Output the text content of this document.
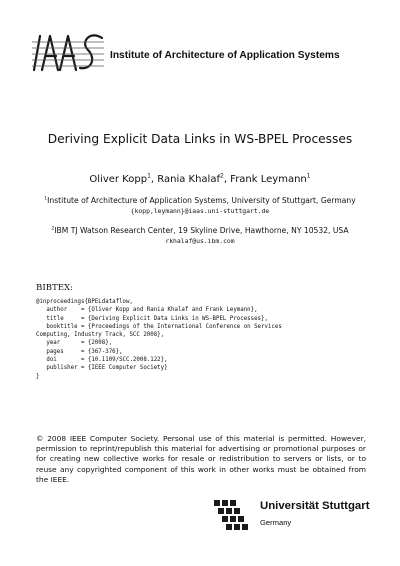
Institute of Architecture of Application Systems
Deriving Explicit Data Links in WS-BPEL Processes
Oliver Kopp$^1$, Rania Khalaf$^2$, Frank Leymann$^1$
$^1$Institute of Architecture of Application Systems, University of Stuttgart, Germany
{kopp,leymann}@iaas.uni-stuttgart.de
$^2$IBM TJ Watson Research Center, 19 Skyline Drive, Hawthorne, NY 10532, USA
rkhalaf@us.ibm.com
BIBTEX:
@inproceedings{BPELdataflow,
author    = {Oliver Kopp and Rania Khalaf and Frank Leymann},
title     = {Deriving Explicit Data Links in WS-BPEL Processes},
booktitle = {Proceedings of the International Conference on Services
Computing, Industry Track, SCC 2008},
year      = {2008},
pages     = {367-376},
doi       = {10.1109/SCC.2008.122},
publisher = {IEEE Computer Society}
}
© 2008 IEEE Computer Society. Personal use of this material is permitted. However, permission to reprint/republish this material for advertising or promotional purposes or for creating new collective works for resale or redistribution to servers or lists, or to reuse any copyrighted component of this work in other works must be obtained from the IEEE.
Universität Stuttgart
Germany
